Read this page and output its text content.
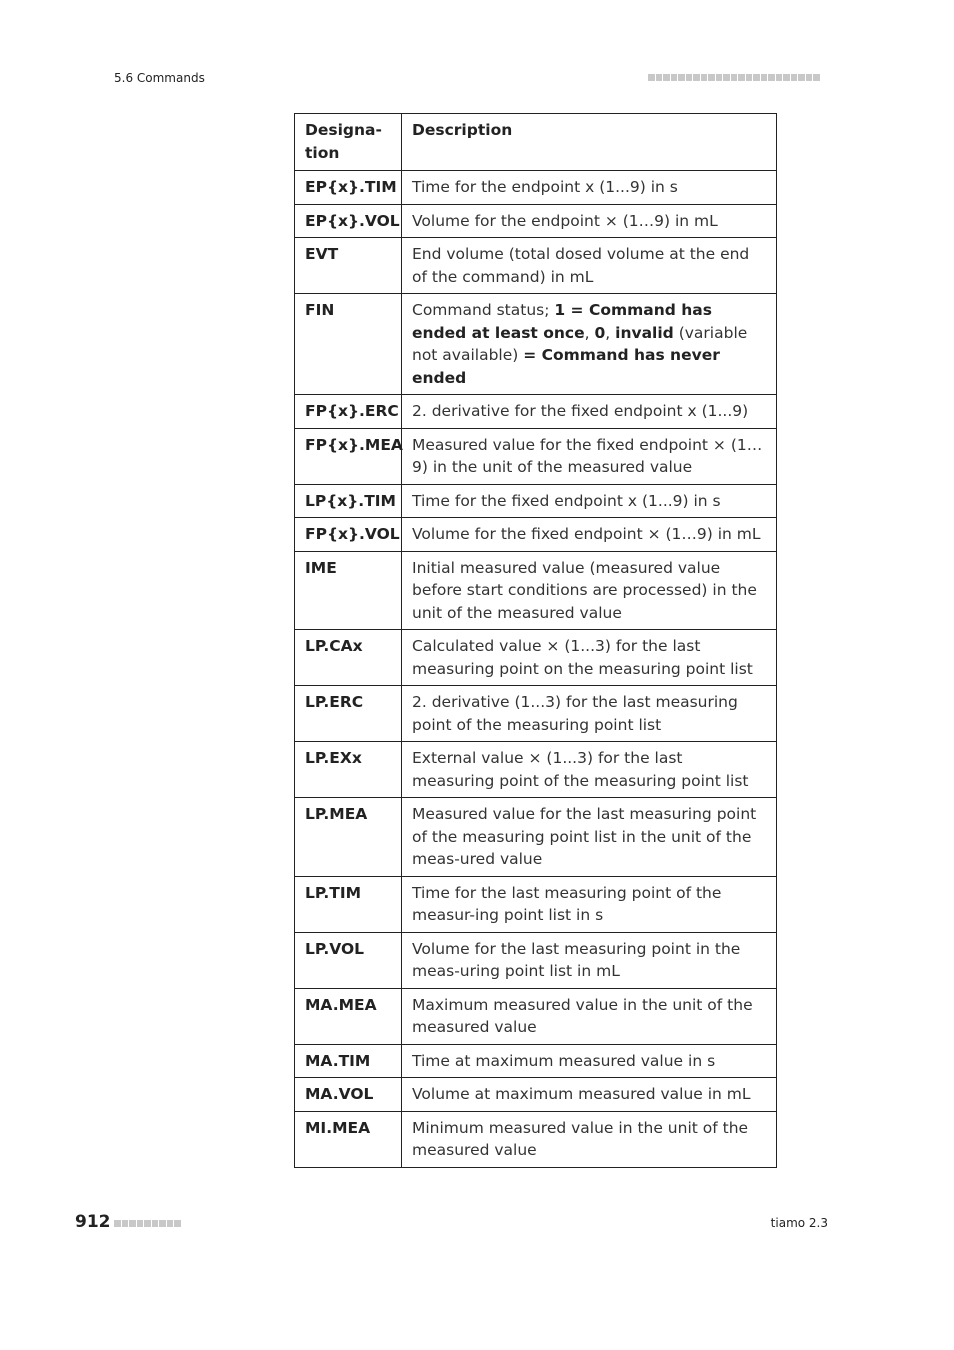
5.6 Commands
Designa-
tion	Description
EP{x}.TIM	Time for the endpoint x (1...9) in s
EP{x}.VOL	Volume for the endpoint × (1…9) in mL
EVT	End volume (total dosed volume at the end of the command) in mL
FIN	Command status; 1 = Command has ended at least once, 0, invalid (variable not available) = Command has never ended
FP{x}.ERC	2. derivative for the fixed endpoint x (1...9)
FP{x}.MEA	Measured value for the fixed endpoint × (1…9) in the unit of the measured value
LP{x}.TIM	Time for the fixed endpoint x (1...9) in s
FP{x}.VOL	Volume for the fixed endpoint × (1…9) in mL
IME	Initial measured value (measured value before start conditions are processed) in the unit of the measured value
LP.CAx	Calculated value × (1...3) for the last measuring point on the measuring point list
LP.ERC	2. derivative (1...3) for the last measuring point of the measuring point list
LP.EXx	External value × (1...3) for the last measuring point of the measuring point list
LP.MEA	Measured value for the last measuring point of the measuring point list in the unit of the meas-ured value
LP.TIM	Time for the last measuring point of the measur-ing point list in s
LP.VOL	Volume for the last measuring point in the meas-uring point list in mL
MA.MEA	Maximum measured value in the unit of the measured value
MA.TIM	Time at maximum measured value in s
MA.VOL	Volume at maximum measured value in mL
MI.MEA	Minimum measured value in the unit of the measured value
912	tiamo 2.3
